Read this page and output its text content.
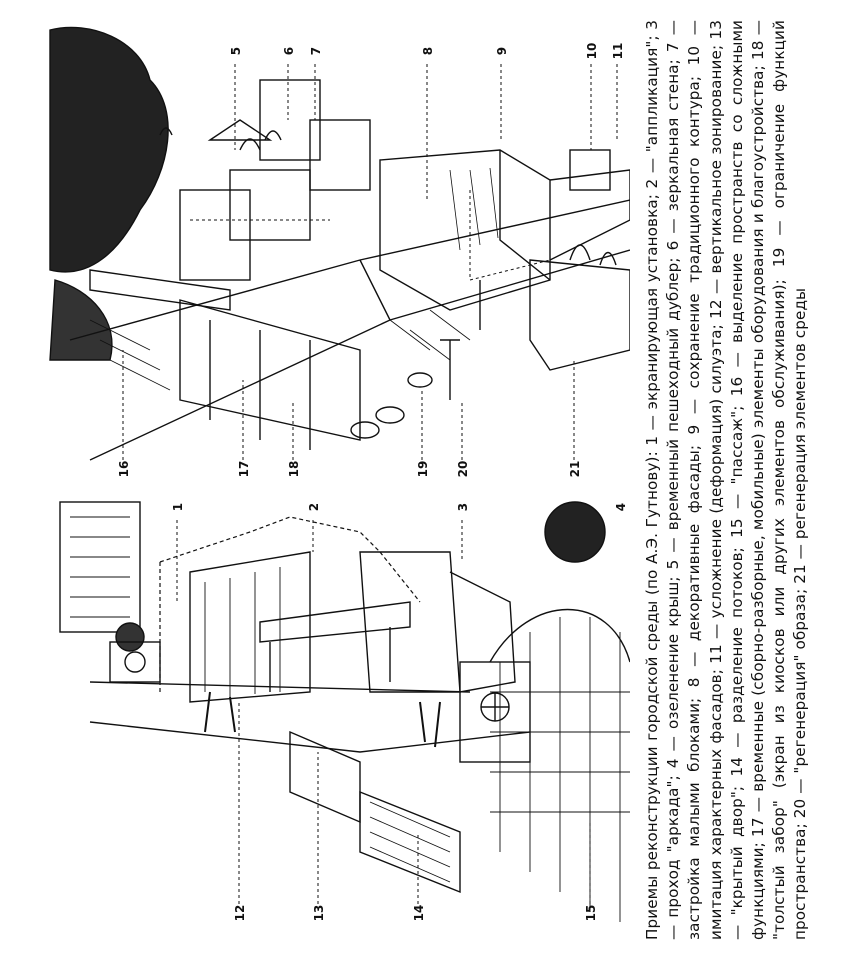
5	6 7	8	9	10 11
16	17	18	19 20	21
1	2	3	4
12	13	14	15	Приемы реконструкции городской среды (по А.Э. Гутнову): 1 — экранирующая установка; 2 — "аппликация"; 3 — проход "аркада"; 4 — озеленение крыш; 5 — временный пешеходный дублер; 6 — зеркальная стена; 7 — застройка малыми блоками; 8 — декоративные фасады; 9 — сохранение традиционного контура; 10 — имитация характерных фасадов; 11 — усложнение (деформация) силуэта; 12 — вертикальное зонирование; 13 — "крытый двор"; 14 — разделение потоков; 15 — "пассаж"; 16 — выделение пространств со сложными функциями; 17 — временные (сборно-разборные, мобильные) элементы оборудования и благоустройства; 18 — "толстый забор" (экран из киосков или других элементов обслуживания); 19 — ограничение функций пространства; 20 — "регенерация" образа; 21 — регенерация элементов среды
